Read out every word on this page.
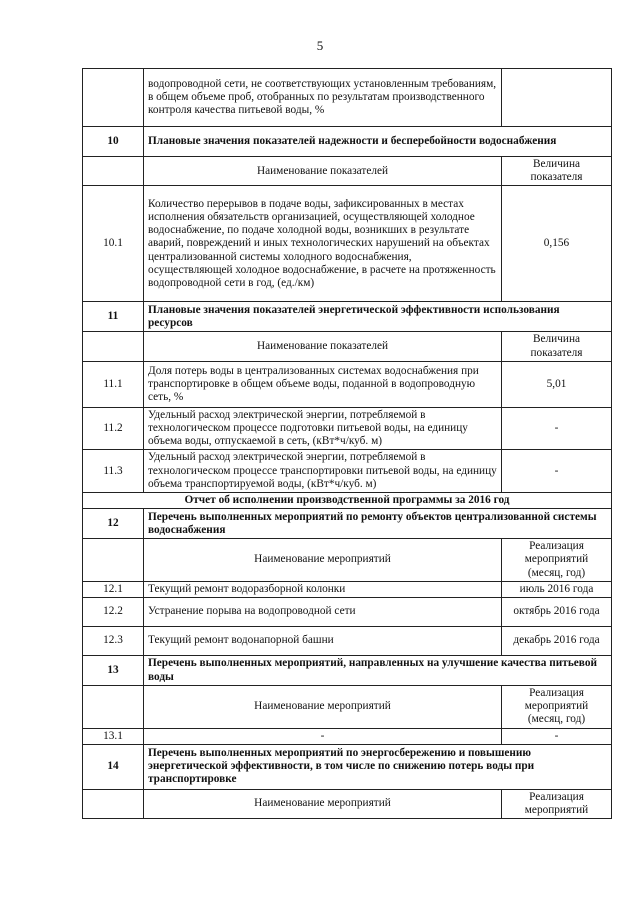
5
	водопроводной сети, не соответствующих установленным требованиям, в общем объеме проб, отобранных по результатам производственного контроля качества питьевой воды, %	
10	Плановые значения показателей надежности и бесперебойности водоснабжения	
	Наименование показателей	Величина показателя
10.1	Количество перерывов в подаче воды, зафиксированных в местах исполнения обязательств организацией, осуществляющей холодное водоснабжение, по подаче холодной воды, возникших в результате аварий, повреждений и иных технологических нарушений на объектах централизованной системы холодного водоснабжения, осуществляющей холодное водоснабжение, в расчете на протяженность водопроводной сети в год, (ед./км)	0,156
11	Плановые значения показателей энергетической эффективности использования ресурсов	
	Наименование показателей	Величина показателя
11.1	Доля потерь воды в централизованных системах водоснабжения при транспортировке в общем объеме воды, поданной в водопроводную сеть, %	5,01
11.2	Удельный расход электрической энергии, потребляемой в технологическом процессе подготовки питьевой воды, на единицу объема воды, отпускаемой в сеть, (кВт*ч/куб. м)	-
11.3	Удельный расход электрической энергии, потребляемой в технологическом процессе транспортировки питьевой воды, на единицу объема транспортируемой воды, (кВт*ч/куб. м)	-
Отчет об исполнении производственной программы за 2016 год		
12	Перечень выполненных мероприятий по ремонту объектов централизованной системы водоснабжения	
	Наименование мероприятий	Реализация мероприятий (месяц, год)
12.1	Текущий ремонт водоразборной колонки	июль 2016 года
12.2	Устранение порыва на водопроводной сети	октябрь 2016 года
12.3	Текущий ремонт водонапорной башни	декабрь 2016 года
13	Перечень выполненных мероприятий, направленных на улучшение качества питьевой воды	
	Наименование мероприятий	Реализация мероприятий (месяц, год)
13.1	-	-
14	Перечень выполненных мероприятий по энергосбережению и повышению энергетической эффективности, в том числе по снижению потерь воды при транспортировке	
	Наименование мероприятий	Реализация мероприятий
